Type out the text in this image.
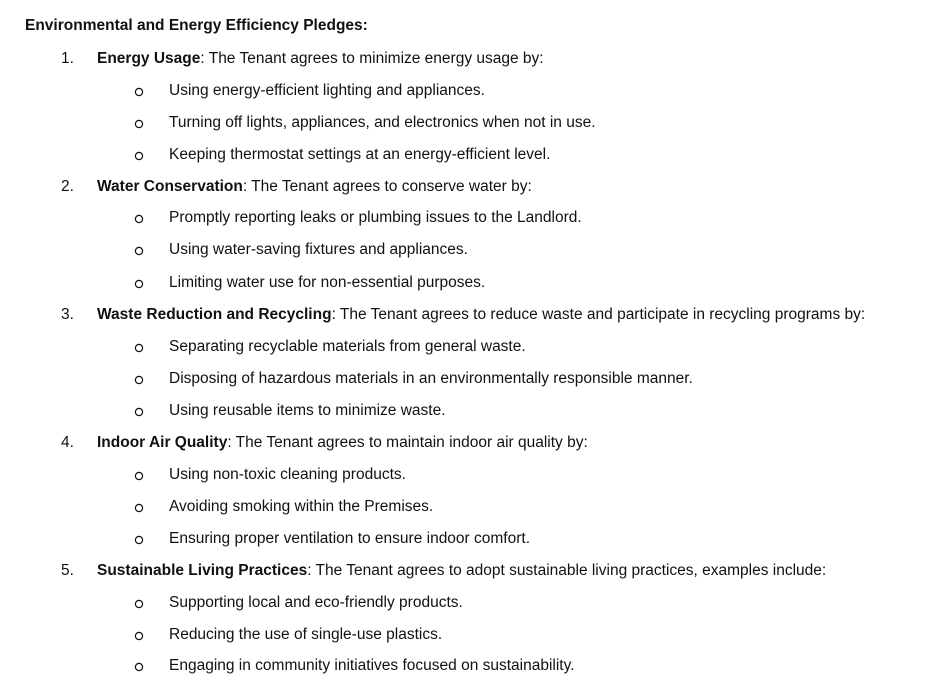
Environmental and Energy Efficiency Pledges:
1.	Energy Usage: The Tenant agrees to minimize energy usage by:
Using energy-efficient lighting and appliances.
Turning off lights, appliances, and electronics when not in use.
Keeping thermostat settings at an energy-efficient level.
2.	Water Conservation: The Tenant agrees to conserve water by:
Promptly reporting leaks or plumbing issues to the Landlord.
Using water-saving fixtures and appliances.
Limiting water use for non-essential purposes.
3.	Waste Reduction and Recycling: The Tenant agrees to reduce waste and participate in recycling programs by:
Separating recyclable materials from general waste.
Disposing of hazardous materials in an environmentally responsible manner.
Using reusable items to minimize waste.
4.	Indoor Air Quality: The Tenant agrees to maintain indoor air quality by:
Using non-toxic cleaning products.
Avoiding smoking within the Premises.
Ensuring proper ventilation to ensure indoor comfort.
5.	Sustainable Living Practices: The Tenant agrees to adopt sustainable living practices, examples include:
Supporting local and eco-friendly products.
Reducing the use of single-use plastics.
Engaging in community initiatives focused on sustainability.
